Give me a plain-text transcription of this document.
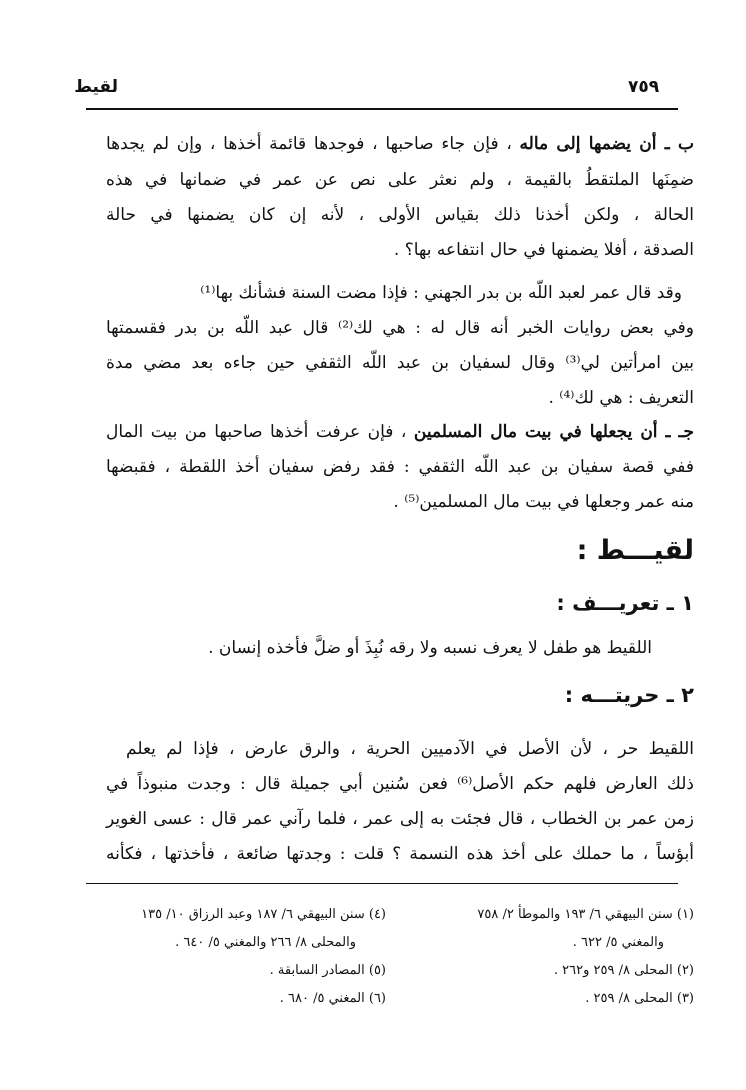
لقيط	٧٥٩
ب ـ أن يضمها إلى ماله ، فإن جاء صاحبها ، فوجدها قائمة أخذها ، وإن لم يجدها
ضمِنَها الملتقطُ بالقيمة ، ولم نعثر على نص عن عمر في ضمانها في هذه
الحالة ، ولكن أخذنا ذلك بقياس الأولى ، لأنه إن كان يضمنها في حالة
الصدقة ، أفلا يضمنها في حال انتفاعه بها؟ .
وقد قال عمر لعبد اللّه بن بدر الجهني : فإذا مضت السنة فشأنك بها⁽¹⁾
وفي بعض روايات الخبر أنه قال له : هي لك⁽²⁾ قال عبد اللّه بن بدر فقسمتها
بين امرأتين لي⁽³⁾ وقال لسفيان بن عبد اللّه الثقفي حين جاءه بعد مضي مدة
التعريف : هي لك⁽⁴⁾ .
جـ ـ أن يجعلها في بيت مال المسلمين ، فإن عرفت أخذها صاحبها من بيت المال
ففي قصة سفيان بن عبد اللّه الثقفي : فقد رفض سفيان أخذ اللقطة ، فقبضها
منه عمر وجعلها في بيت مال المسلمين⁽⁵⁾ .
لقيـــط :
١ ـ تعريـــف :
اللقيط هو طفل لا يعرف نسبه ولا رقه نُبِذَ أو ضلَّ فأخذه إنسان .
٢ ـ حريتـــه :
اللقيط حر ، لأن الأصل في الآدميين الحرية ، والرق عارض ، فإذا لم يعلم
ذلك العارض فلهم حكم الأصل⁽⁶⁾ فعن سُنين أبي جميلة قال : وجدت منبوذاً في
زمن عمر بن الخطاب ، قال فجئت به إلى عمر ، فلما رآني عمر قال : عسى الغوير
أبؤساً ، ما حملك على أخذ هذه النسمة ؟ قلت : وجدتها ضائعة ، فأخذتها ، فكأنه
(١) سنن البيهقي ٦/ ١٩٣ والموطأ ٢/ ٧٥٨
والمغني ٥/ ٦٢٢ .
(٢) المحلى ٨/ ٢٥٩ و٢٦٢ .
(٣) المحلى ٨/ ٢٥٩ .
(٤) سنن البيهقي ٦/ ١٨٧ وعبد الرزاق ١٠/ ١٣٥
والمحلى ٨/ ٢٦٦ والمغني ٥/ ٦٤٠ .
(٥) المصادر السابقة .
(٦) المغني ٥/ ٦٨٠ .
